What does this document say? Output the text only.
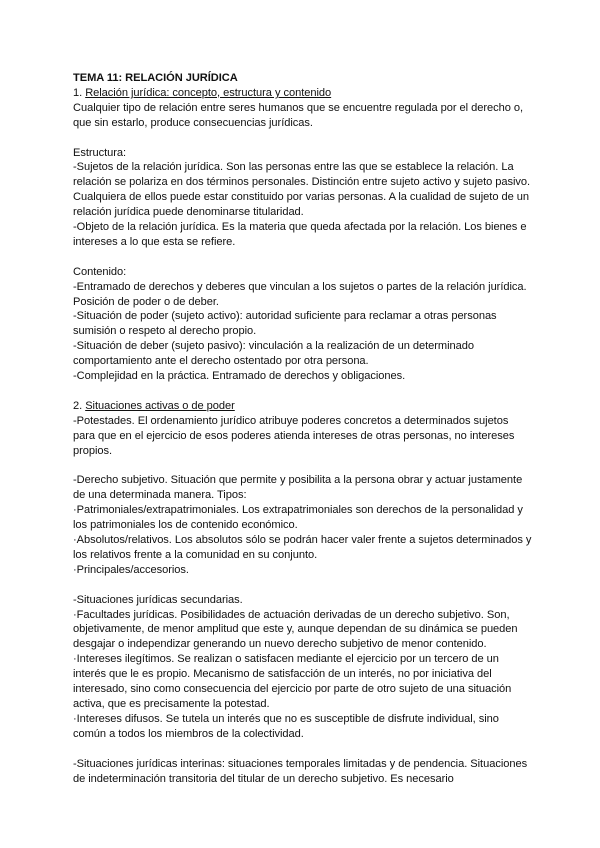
TEMA 11: RELACIÓN JURÍDICA

1. Relación jurídica: concepto, estructura y contenido

Cualquier tipo de relación entre seres humanos que se encuentre regulada por el derecho o, que sin estarlo, produce consecuencias jurídicas.

Estructura:

-Sujetos de la relación jurídica. Son las personas entre las que se establece la relación. La relación se polariza en dos términos personales. Distinción entre sujeto activo y sujeto pasivo. Cualquiera de ellos puede estar constituido por varias personas. A la cualidad de sujeto de un relación jurídica puede denominarse titularidad.

-Objeto de la relación jurídica. Es la materia que queda afectada por la relación. Los bienes e intereses a lo que esta se refiere.

Contenido:

-Entramado de derechos y deberes que vinculan a los sujetos o partes de la relación jurídica. Posición de poder o de deber.

-Situación de poder (sujeto activo): autoridad suficiente para reclamar a otras personas sumisión o respeto al derecho propio.

-Situación de deber (sujeto pasivo): vinculación a la realización de un determinado comportamiento ante el derecho ostentado por otra persona.

-Complejidad en la práctica. Entramado de derechos y obligaciones.

2. Situaciones activas o de poder

-Potestades. El ordenamiento jurídico atribuye poderes concretos a determinados sujetos para que en el ejercicio de esos poderes atienda intereses de otras personas, no intereses propios.

-Derecho subjetivo. Situación que permite y posibilita a la persona obrar y actuar justamente de una determinada manera. Tipos:

·Patrimoniales/extrapatrimoniales. Los extrapatrimoniales son derechos de la personalidad y los patrimoniales los de contenido económico.

·Absolutos/relativos. Los absolutos sólo se podrán hacer valer frente a sujetos determinados y los relativos frente a la comunidad en su conjunto.

·Principales/accesorios.

-Situaciones jurídicas secundarias.

·Facultades jurídicas. Posibilidades de actuación derivadas de un derecho subjetivo. Son, objetivamente, de menor amplitud que este y, aunque dependan de su dinámica se pueden desgajar o independizar generando un nuevo derecho subjetivo de menor contenido.

·Intereses ilegítimos. Se realizan o satisfacen mediante el ejercicio por un tercero de un interés que le es propio. Mecanismo de satisfacción de un interés, no por iniciativa del interesado, sino como consecuencia del ejercicio por parte de otro sujeto de una situación activa, que es precisamente la potestad.

·Intereses difusos. Se tutela un interés que no es susceptible de disfrute individual, sino común a todos los miembros de la colectividad.

-Situaciones jurídicas interinas: situaciones temporales limitadas y de pendencia. Situaciones de indeterminación transitoria del titular de un derecho subjetivo. Es necesario
